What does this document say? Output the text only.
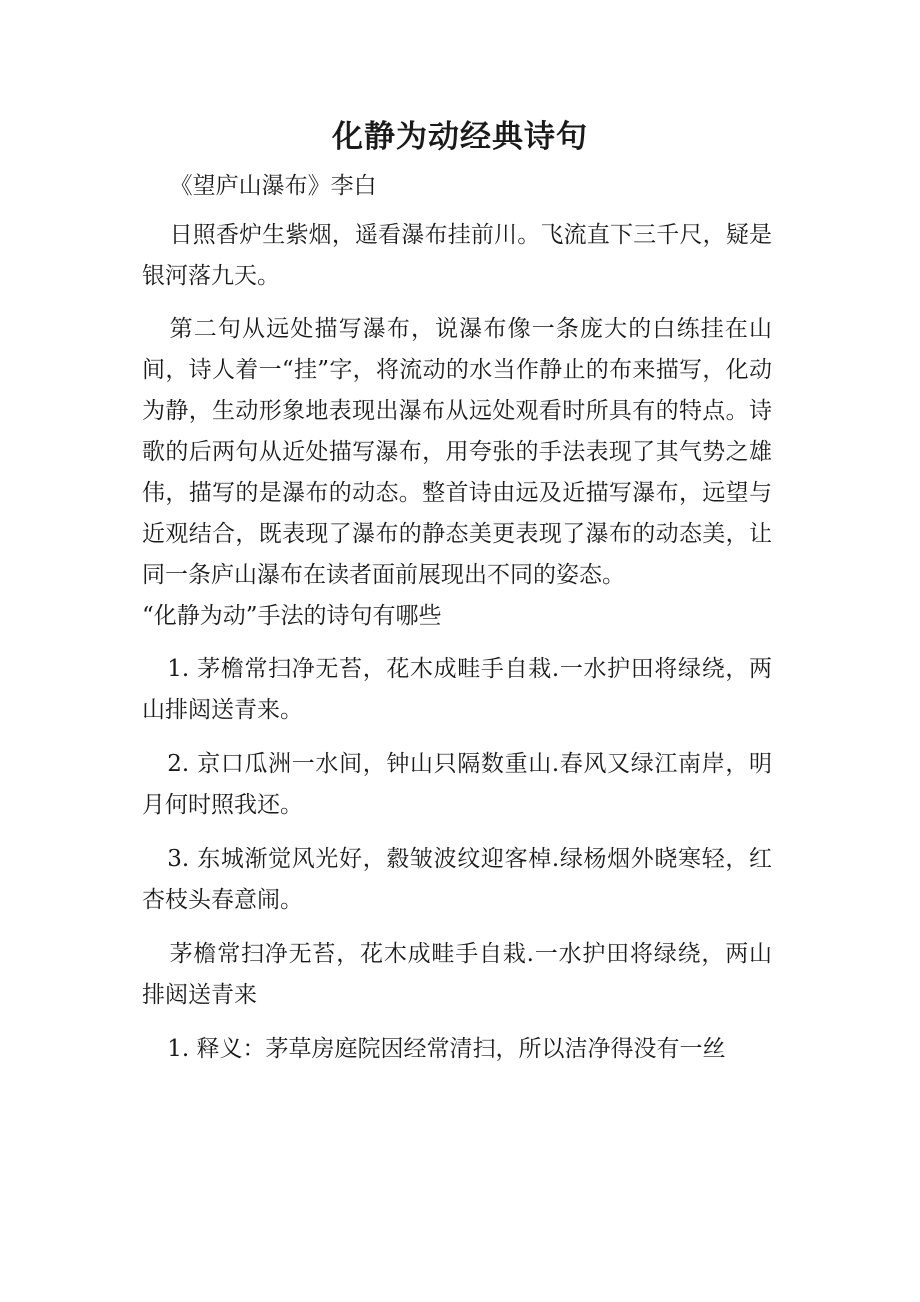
化静为动经典诗句

《望庐山瀑布》李白

日照香炉生紫烟，遥看瀑布挂前川。飞流直下三千尺，疑是银河落九天。

第二句从远处描写瀑布，说瀑布像一条庞大的白练挂在山间，诗人着一“挂”字，将流动的水当作静止的布来描写，化动为静，生动形象地表现出瀑布从远处观看时所具有的特点。诗歌的后两句从近处描写瀑布，用夸张的手法表现了其气势之雄伟，描写的是瀑布的动态。整首诗由远及近描写瀑布，远望与近观结合，既表现了瀑布的静态美更表现了瀑布的动态美，让同一条庐山瀑布在读者面前展现出不同的姿态。

“化静为动”手法的诗句有哪些

1. 茅檐常扫净无苔，花木成畦手自栽.一水护田将绿绕，两山排闼送青来。

2. 京口瓜洲一水间，钟山只隔数重山.春风又绿江南岸，明月何时照我还。

3. 东城渐觉风光好，縠皱波纹迎客棹.绿杨烟外晓寒轻，红杏枝头春意闹。

茅檐常扫净无苔，花木成畦手自栽.一水护田将绿绕，两山排闼送青来

1. 释义：茅草房庭院因经常清扫，所以洁净得没有一丝
